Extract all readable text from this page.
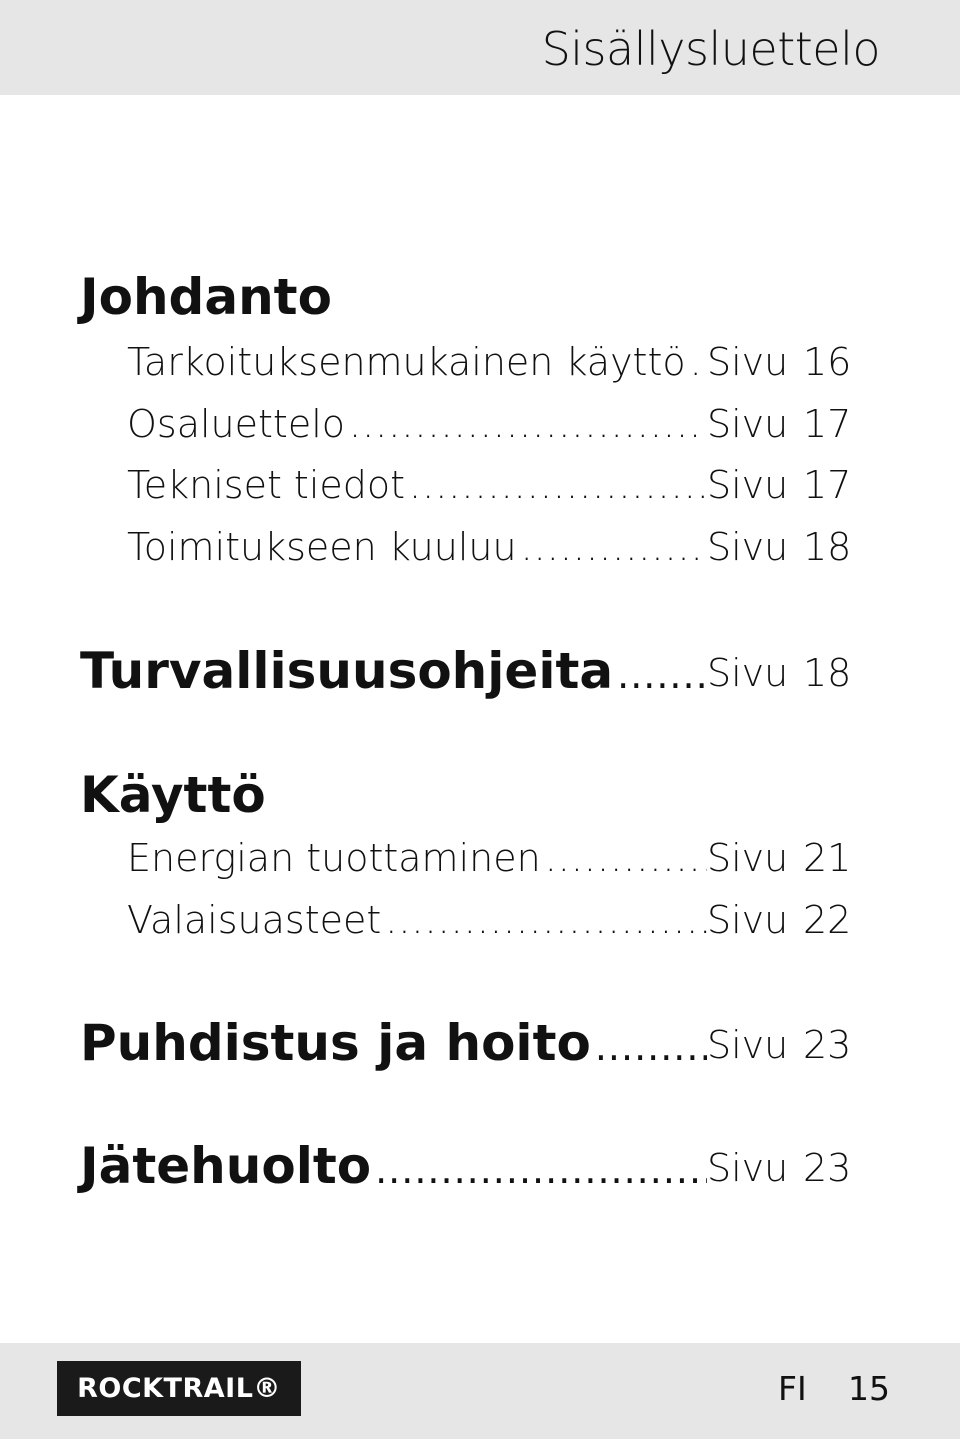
Sisällysluettelo
Johdanto
Tarkoituksenmukainen käyttö ..... Sivu 16
Osaluettelo .....	Sivu 17
Tekniset tiedot .....	Sivu 17
Toimitukseen kuuluu .....	Sivu 18
Turvallisuusohjeita ..... Sivu 18
Käyttö
Energian tuottaminen .....	Sivu 21
Valaisuasteet .....	Sivu 22
Puhdistus ja hoito .....	Sivu 23
Jätehuolto .....	Sivu 23
ROCKTRAIL®	FI 15
